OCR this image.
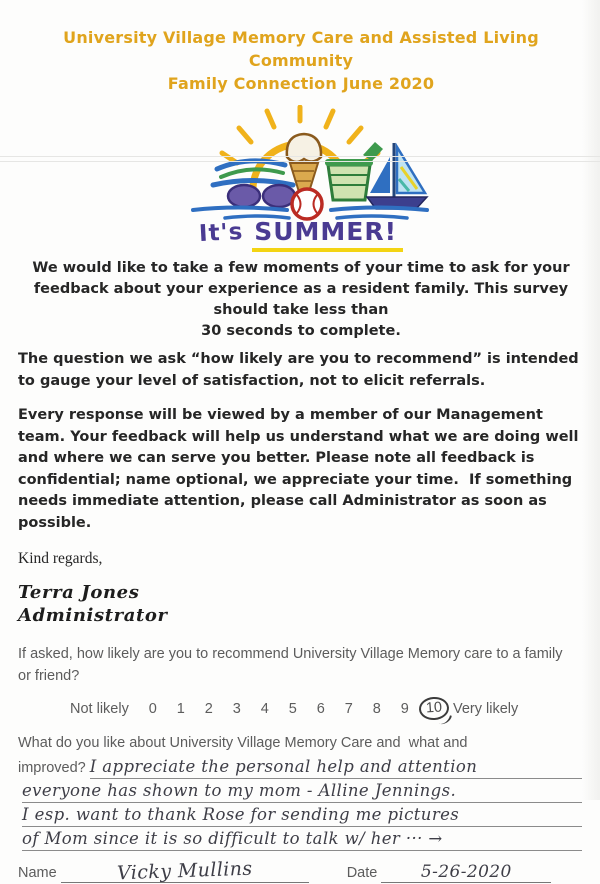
University Village Memory Care and Assisted Living Community
Family Connection June 2020
It's SUMMER!
We would like to take a few moments of your time to ask for your feedback about your experience as a resident family. This survey should take less than
30 seconds to complete.
The question we ask “how likely are you to recommend” is intended to gauge your level of satisfaction, not to elicit referrals.
Every response will be viewed by a member of our Management team. Your feedback will help us understand what we are doing well and where we can serve you better. Please note all feedback is confidential; name optional, we appreciate your time.  If something needs immediate attention, please call Administrator as soon as possible.
Kind regards,
Terra Jones
Administrator
If asked, how likely are you to recommend University Village Memory care to a family or friend?
Not likely	0	1	2	3	4	5	6	7	8	9	10 Very likely
What do you like about University Village Memory Care and  what and
improved? I appreciate the personal help and attention
everyone has shown to my mom - Alline Jennings.
I esp. want to thank Rose for sending me pictures
of Mom since it is so difficult to talk w/ her ··· →
Name	Vicky Mullins	Date	5-26-2020
